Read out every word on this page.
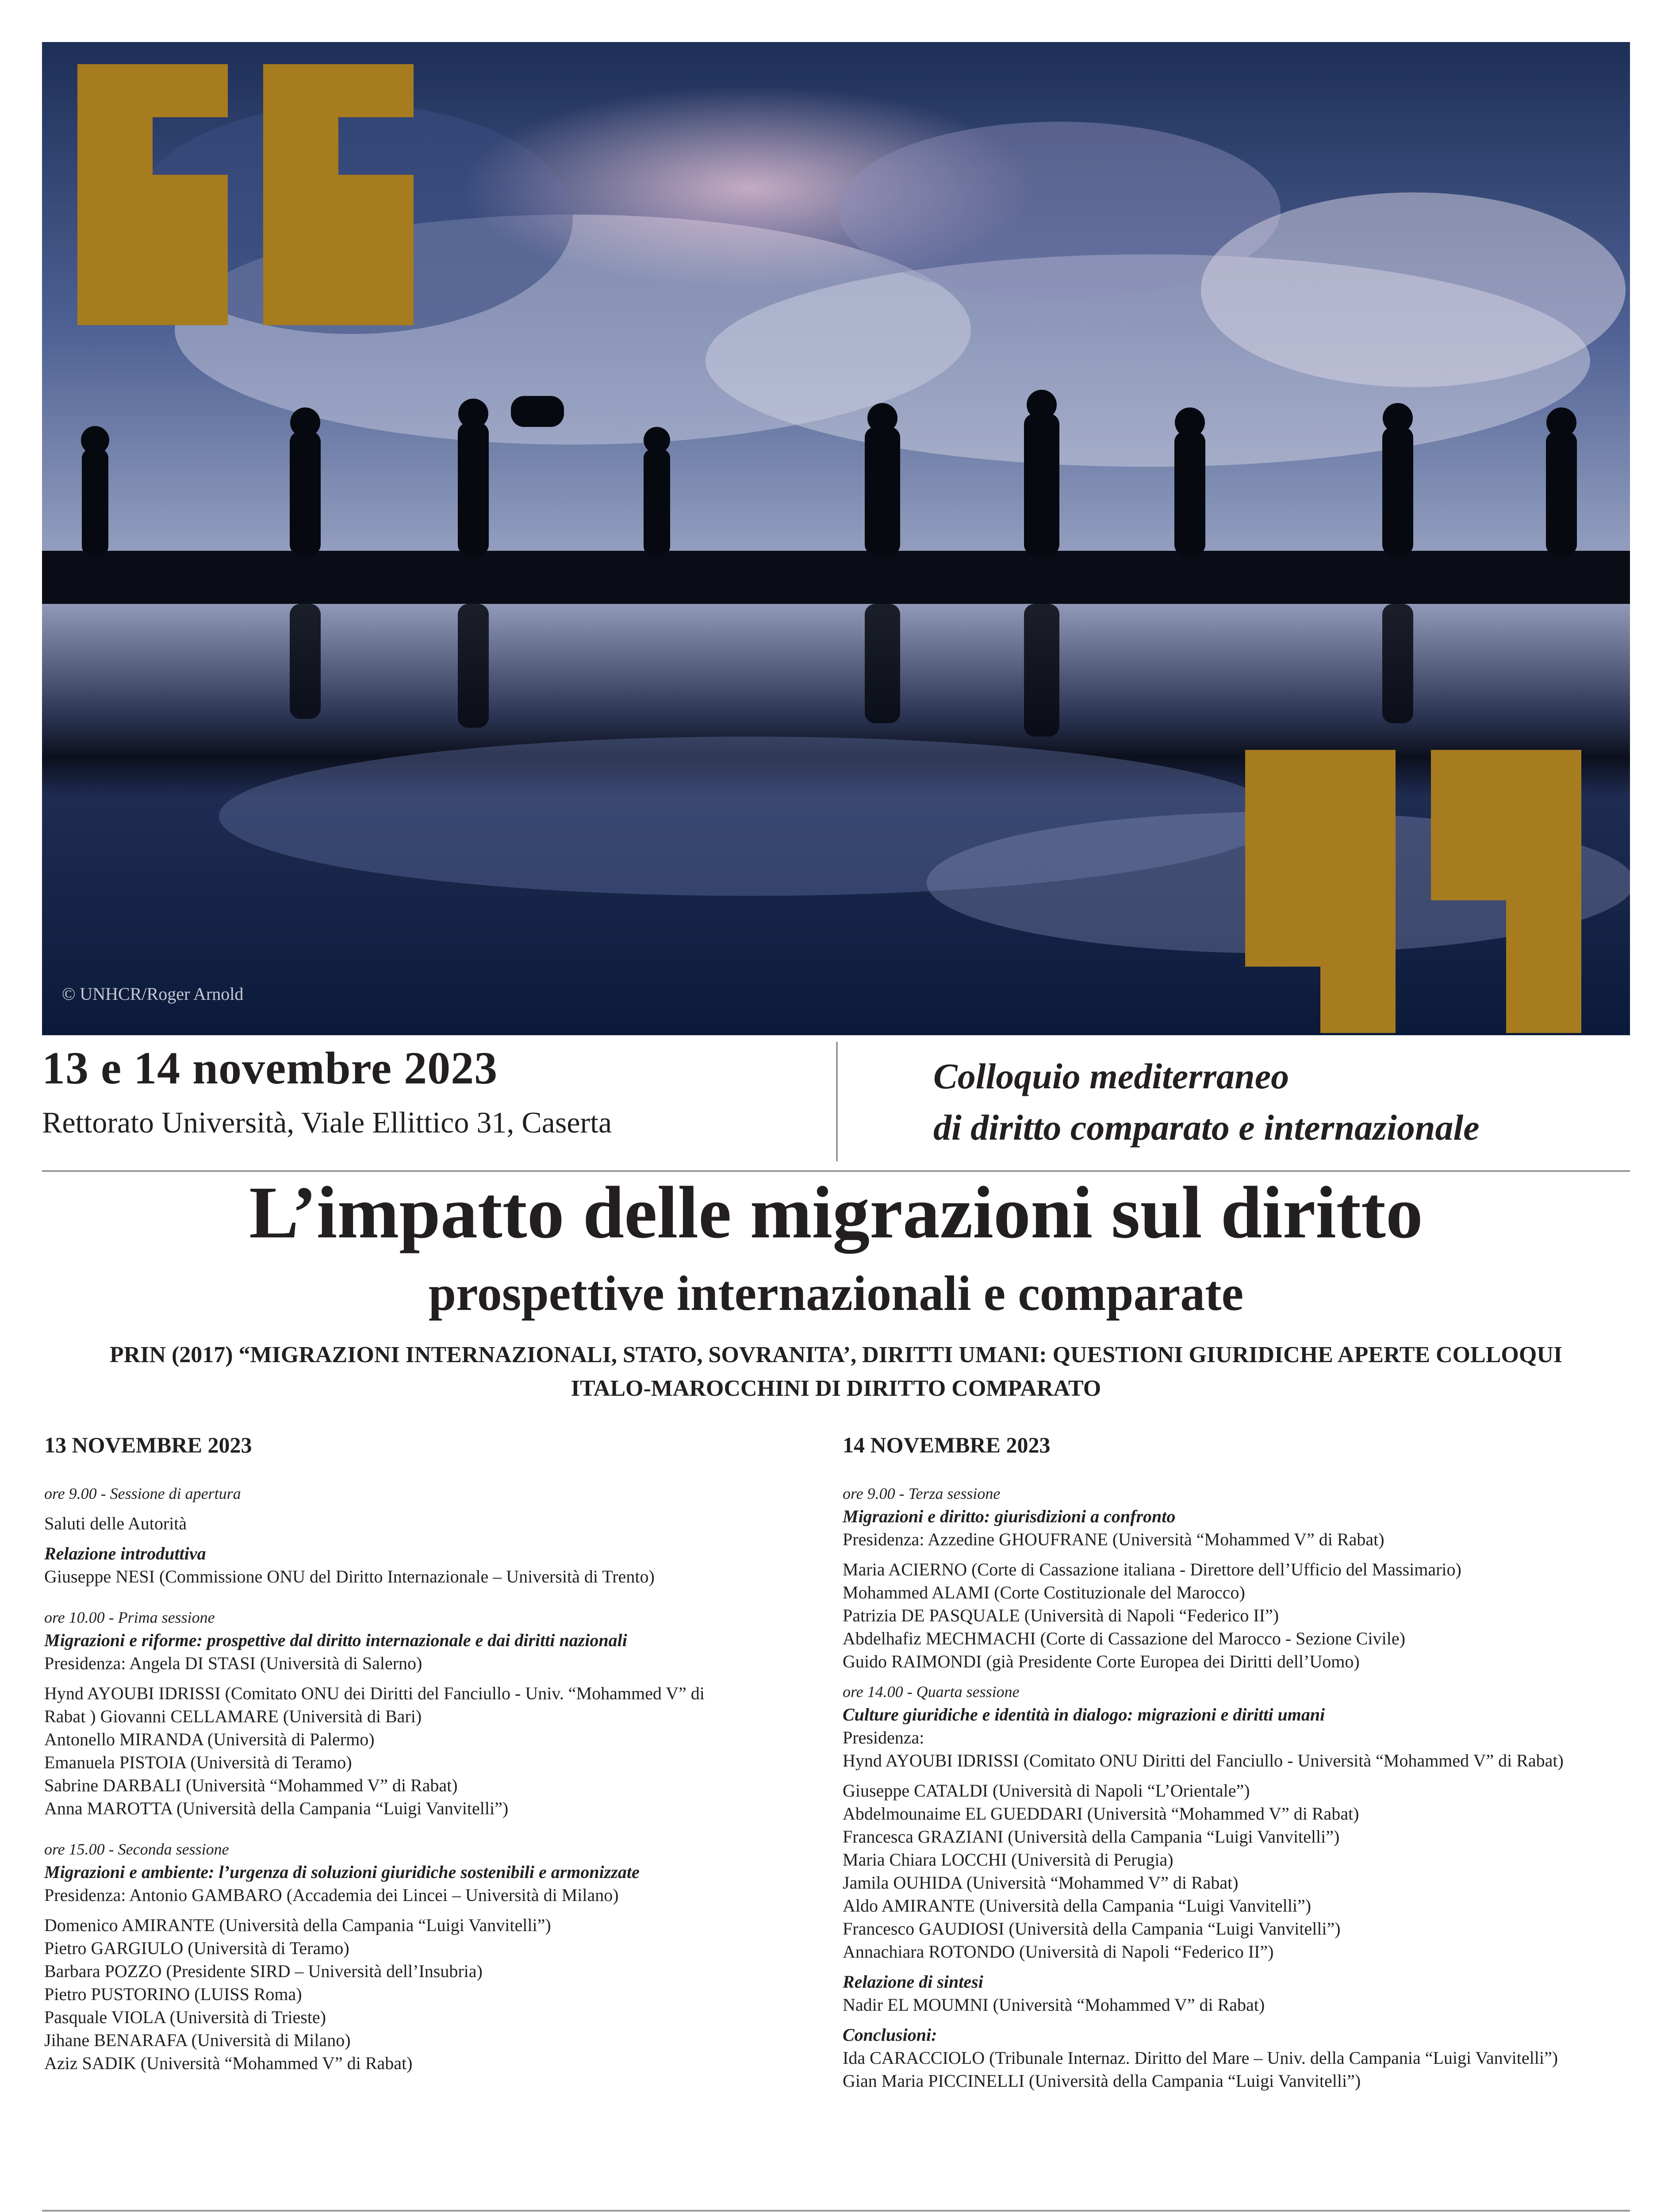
© UNHCR/Roger Arnold
13 e 14 novembre 2023
Rettorato Università, Viale Ellittico 31, Caserta
Colloquio mediterraneo
di diritto comparato e internazionale
L’impatto delle migrazioni sul diritto
prospettive internazionali e comparate
PRIN (2017) “MIGRAZIONI INTERNAZIONALI, STATO, SOVRANITA’, DIRITTI UMANI: QUESTIONI GIURIDICHE APERTE COLLOQUI
ITALO-MAROCCHINI DI DIRITTO COMPARATO
13 NOVEMBRE 2023
ore 9.00 - Sessione di apertura
Saluti delle Autorità
Relazione introduttiva
Giuseppe NESI (Commissione ONU del Diritto Internazionale – Università di Trento)
ore 10.00 - Prima sessione
Migrazioni e riforme: prospettive dal diritto internazionale e dai diritti nazionali
Presidenza: Angela DI STASI (Università di Salerno)
Hynd AYOUBI IDRISSI (Comitato ONU dei Diritti del Fanciullo - Univ. “Mohammed V” di
Rabat ) Giovanni CELLAMARE (Università di Bari)
Antonello MIRANDA (Università di Palermo)
Emanuela PISTOIA (Università di Teramo)
Sabrine DARBALI (Università “Mohammed V” di Rabat)
Anna MAROTTA (Università della Campania “Luigi Vanvitelli”)
ore 15.00 - Seconda sessione
Migrazioni e ambiente: l’urgenza di soluzioni giuridiche sostenibili e armonizzate
Presidenza: Antonio GAMBARO (Accademia dei Lincei – Università di Milano)
Domenico AMIRANTE (Università della Campania “Luigi Vanvitelli”)
Pietro GARGIULO (Università di Teramo)
Barbara POZZO (Presidente SIRD – Università dell’Insubria)
Pietro PUSTORINO (LUISS Roma)
Pasquale VIOLA (Università di Trieste)
Jihane BENARAFA (Università di Milano)
Aziz SADIK (Università “Mohammed V” di Rabat)
14 NOVEMBRE 2023
ore 9.00 - Terza sessione
Migrazioni e diritto: giurisdizioni a confronto
Presidenza: Azzedine GHOUFRANE (Università “Mohammed V” di Rabat)
Maria ACIERNO (Corte di Cassazione italiana - Direttore dell’Ufficio del Massimario)
Mohammed ALAMI (Corte Costituzionale del Marocco)
Patrizia DE PASQUALE (Università di Napoli “Federico II”)
Abdelhafiz MECHMACHI (Corte di Cassazione del Marocco - Sezione Civile)
Guido RAIMONDI (già Presidente Corte Europea dei Diritti dell’Uomo)
ore 14.00 - Quarta sessione
Culture giuridiche e identità in dialogo: migrazioni e diritti umani
Presidenza:
Hynd AYOUBI IDRISSI (Comitato ONU Diritti del Fanciullo - Università “Mohammed V” di Rabat)
Giuseppe CATALDI (Università di Napoli “L’Orientale”)
Abdelmounaime EL GUEDDARI (Università “Mohammed V” di Rabat)
Francesca GRAZIANI (Università della Campania “Luigi Vanvitelli”)
Maria Chiara LOCCHI (Università di Perugia)
Jamila OUHIDA (Università “Mohammed V” di Rabat)
Aldo AMIRANTE (Università della Campania “Luigi Vanvitelli”)
Francesco GAUDIOSI (Università della Campania “Luigi Vanvitelli”)
Annachiara ROTONDO (Università di Napoli “Federico II”)
Relazione di sintesi
Nadir EL MOUMNI (Università “Mohammed V” di Rabat)
Conclusioni:
Ida CARACCIOLO (Tribunale Internaz. Diritto del Mare – Univ. della Campania “Luigi Vanvitelli”)
Gian Maria PICCINELLI (Università della Campania “Luigi Vanvitelli”)
